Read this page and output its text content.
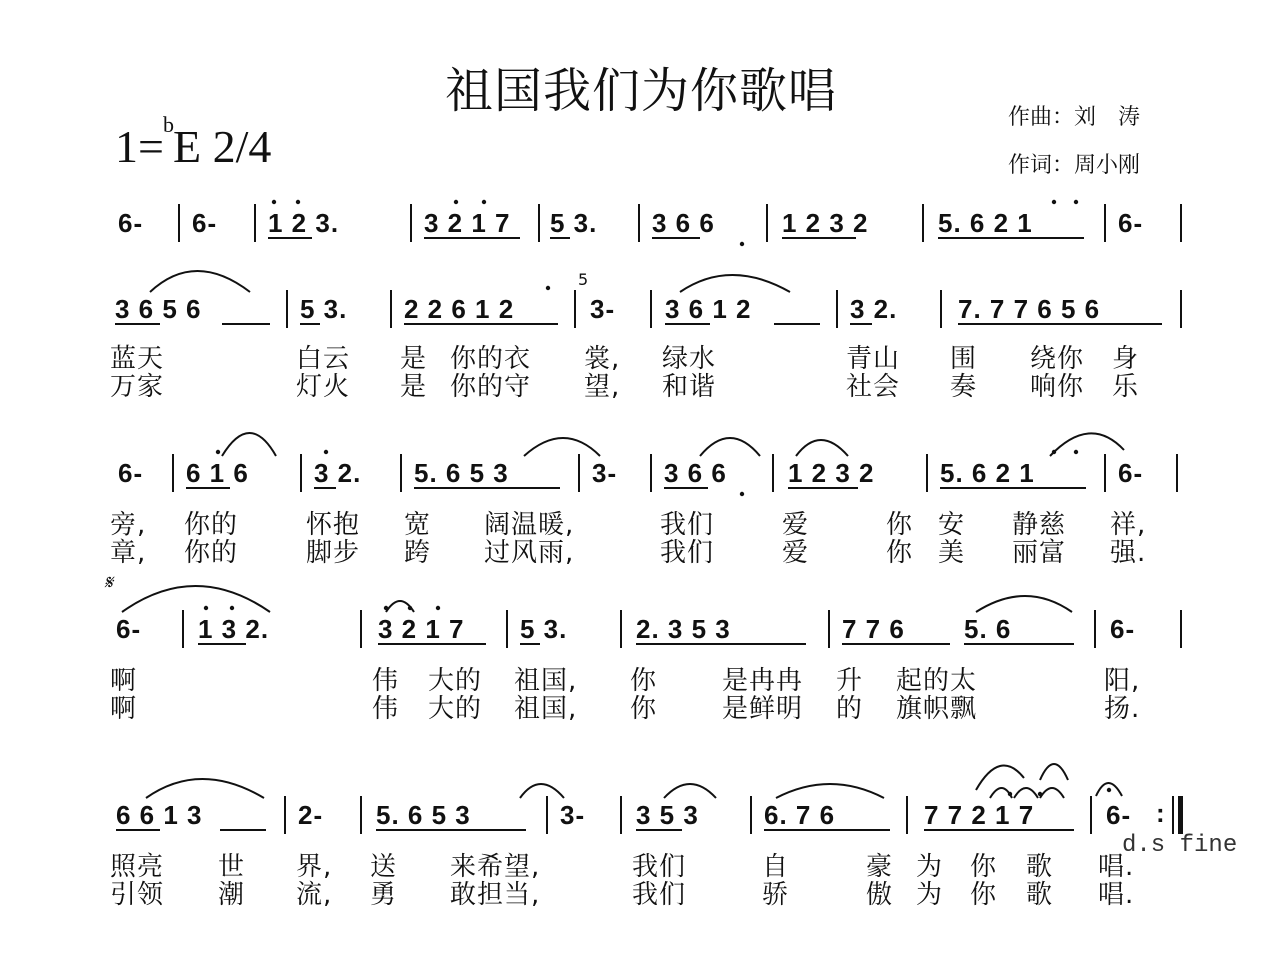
祖国我们为你歌唱
1= b E 2/4
作曲：刘　涛
作词：周小刚
6- 6- 1 2 3.	3 2 1 7 5 3. 3 6 6	1 2 3 2	5. 6 2 1	6-
3 6 5 6	5 3. 2 2 6 1 2	3- 3 6 1 2	3 2. 7. 7 7 6 5 6
5
蓝天	白云 是 你的衣 裳, 绿水	青山 围 绕你 身
万家	灯火 是 你的守 望, 和谐	社会 奏 响你 乐
6- 6 1 6	3 2. 5. 6 5 3	3- 3 6 6 1 2 3 2	5. 6 2 1	6-
旁, 你的	怀抱 宽 阔温暖,	我们	爱	你 安 静慈 祥,
章, 你的	脚步 跨 过风雨,	我们	爱	你 美 丽富 强.
𝄋
6- 1 3 2.	3 2 1 7 5 3.	2. 3 5 3	7 7 6 5. 6	6-
啊	伟 大的 祖国, 你 是冉冉 升 起的太	阳,
啊	伟 大的 祖国, 你 是鲜明 的 旗帜飘	扬.
6 6 1 3	2- 5. 6 5 3	3- 3 5 3	6. 7 6	7 7 2 1 7	6- :
d.s fine
照亮 世 界, 送 来希望,	我们	自	豪 为 你 歌 唱.
引领 潮 流, 勇 敢担当,	我们	骄	傲 为 你 歌 唱.
